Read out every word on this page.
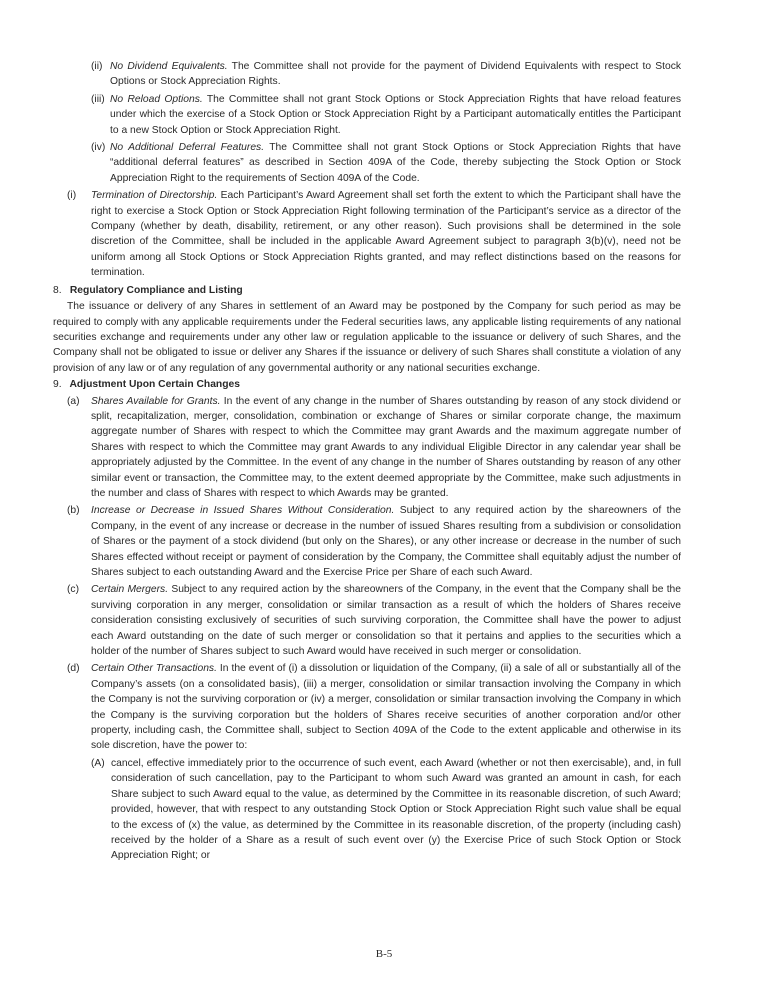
(ii) No Dividend Equivalents. The Committee shall not provide for the payment of Dividend Equivalents with respect to Stock Options or Stock Appreciation Rights.

(iii) No Reload Options. The Committee shall not grant Stock Options or Stock Appreciation Rights that have reload features under which the exercise of a Stock Option or Stock Appreciation Right by a Participant automatically entitles the Participant to a new Stock Option or Stock Appreciation Right.

(iv) No Additional Deferral Features. The Committee shall not grant Stock Options or Stock Appreciation Rights that have “additional deferral features” as described in Section 409A of the Code, thereby subjecting the Stock Option or Stock Appreciation Right to the requirements of Section 409A of the Code.

(i) Termination of Directorship. Each Participant’s Award Agreement shall set forth the extent to which the Participant shall have the right to exercise a Stock Option or Stock Appreciation Right following termination of the Participant’s service as a director of the Company (whether by death, disability, retirement, or any other reason). Such provisions shall be determined in the sole discretion of the Committee, shall be included in the applicable Award Agreement subject to paragraph 3(b)(v), need not be uniform among all Stock Options or Stock Appreciation Rights granted, and may reflect distinctions based on the reasons for termination.

8. Regulatory Compliance and Listing

The issuance or delivery of any Shares in settlement of an Award may be postponed by the Company for such period as may be required to comply with any applicable requirements under the Federal securities laws, any applicable listing requirements of any national securities exchange and requirements under any other law or regulation applicable to the issuance or delivery of such Shares, and the Company shall not be obligated to issue or deliver any Shares if the issuance or delivery of such Shares shall constitute a violation of any provision of any law or of any regulation of any governmental authority or any national securities exchange.

9. Adjustment Upon Certain Changes
(a) Shares Available for Grants. In the event of any change in the number of Shares outstanding by reason of any stock dividend or split, recapitalization, merger, consolidation, combination or exchange of Shares or similar corporate change, the maximum aggregate number of Shares with respect to which the Committee may grant Awards and the maximum aggregate number of Shares with respect to which the Committee may grant Awards to any individual Eligible Director in any calendar year shall be appropriately adjusted by the Committee. In the event of any change in the number of Shares outstanding by reason of any other similar event or transaction, the Committee may, to the extent deemed appropriate by the Committee, make such adjustments in the number and class of Shares with respect to which Awards may be granted.

(b) Increase or Decrease in Issued Shares Without Consideration. Subject to any required action by the shareowners of the Company, in the event of any increase or decrease in the number of issued Shares resulting from a subdivision or consolidation of Shares or the payment of a stock dividend (but only on the Shares), or any other increase or decrease in the number of such Shares effected without receipt or payment of consideration by the Company, the Committee shall equitably adjust the number of Shares subject to each outstanding Award and the Exercise Price per Share of each such Award.

(c) Certain Mergers. Subject to any required action by the shareowners of the Company, in the event that the Company shall be the surviving corporation in any merger, consolidation or similar transaction as a result of which the holders of Shares receive consideration consisting exclusively of securities of such surviving corporation, the Committee shall have the power to adjust each Award outstanding on the date of such merger or consolidation so that it pertains and applies to the securities which a holder of the number of Shares subject to such Award would have received in such merger or consolidation.

(d) Certain Other Transactions. In the event of (i) a dissolution or liquidation of the Company, (ii) a sale of all or substantially all of the Company’s assets (on a consolidated basis), (iii) a merger, consolidation or similar transaction involving the Company in which the Company is not the surviving corporation or (iv) a merger, consolidation or similar transaction involving the Company in which the Company is the surviving corporation but the holders of Shares receive securities of another corporation and/or other property, including cash, the Committee shall, subject to Section 409A of the Code to the extent applicable and otherwise in its sole discretion, have the power to:

(A) cancel, effective immediately prior to the occurrence of such event, each Award (whether or not then exercisable), and, in full consideration of such cancellation, pay to the Participant to whom such Award was granted an amount in cash, for each Share subject to such Award equal to the value, as determined by the Committee in its reasonable discretion, of such Award; provided, however, that with respect to any outstanding Stock Option or Stock Appreciation Right such value shall be equal to the excess of (x) the value, as determined by the Committee in its reasonable discretion, of the property (including cash) received by the holder of a Share as a result of such event over (y) the Exercise Price of such Stock Option or Stock Appreciation Right; or

B-5
